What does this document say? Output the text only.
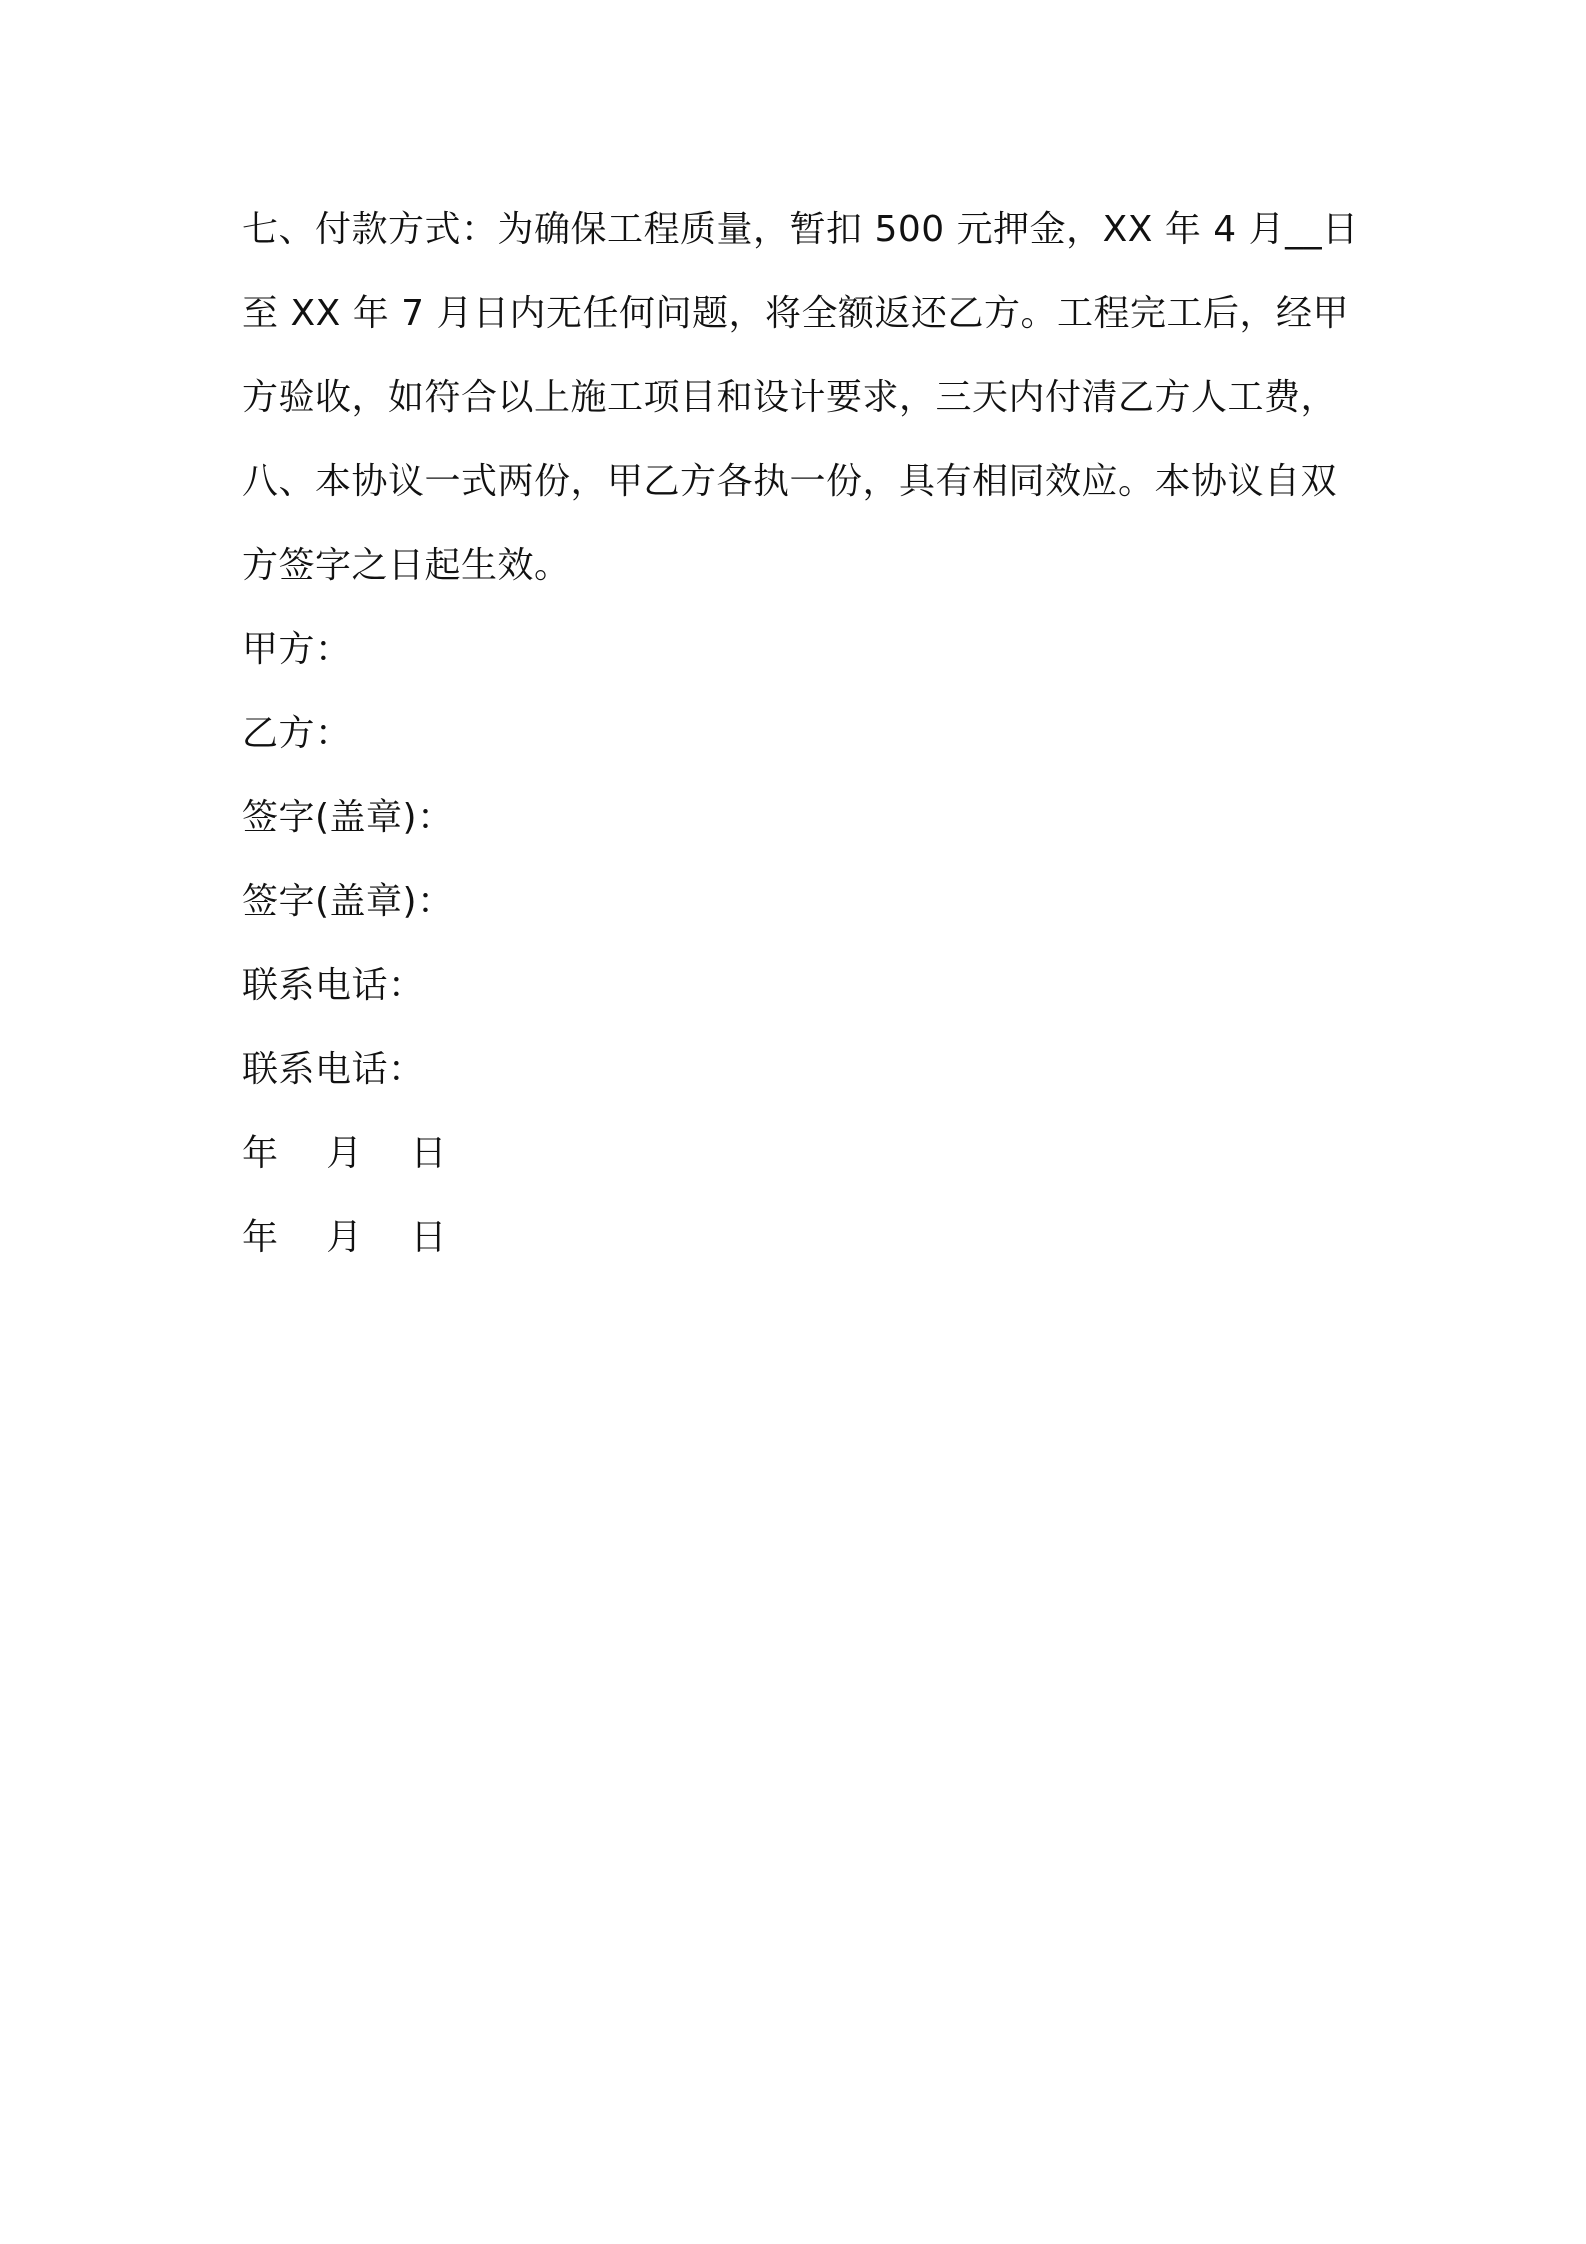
七、付款方式：为确保工程质量，暂扣 500 元押金，XX 年 4 月__日
至 XX 年 7 月日内无任何问题，将全额返还乙方。工程完工后，经甲
方验收，如符合以上施工项目和设计要求，三天内付清乙方人工费，
八、本协议一式两份，甲乙方各执一份，具有相同效应。本协议自双
方签字之日起生效。
甲方：
乙方：
签字(盖章)：
签字(盖章)：
联系电话：
联系电话：
年    月    日
年    月    日
